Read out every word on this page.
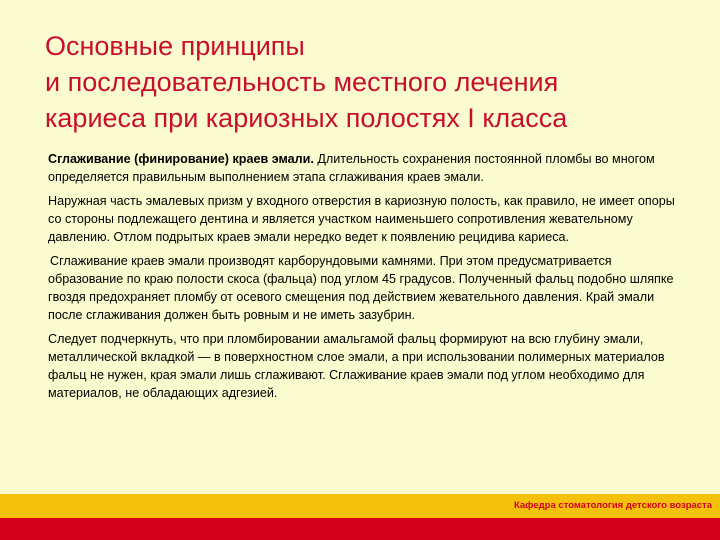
Основные принципы
и последовательность местного лечения
кариеса при кариозных полостях I класса

Сглаживание (финирование) краев эмали. Длительность сохранения постоянной пломбы во многом определяется правильным выполнением этапа сглаживания краев эмали.

Наружная часть эмалевых призм у входного отверстия в кариозную полость, как правило, не имеет опоры со стороны подлежащего дентина и является участком наименьшего сопротивления жевательному давлению. Отлом подрытых краев эмали нередко ведет к появлению рецидива кариеса.

Сглаживание краев эмали производят карборундовыми камнями. При этом предусматривается образование по краю полости скоса (фальца) под углом 45 градусов. Полученный фальц подобно шляпке гвоздя предохраняет пломбу от осевого смещения под действием жевательного давления. Край эмали после сглаживания должен быть ровным и не иметь зазубрин.

Следует подчеркнуть, что при пломбировании амальгамой фальц формируют на всю глубину эмали, металлической вкладкой — в поверхностном слое эмали, а при использовании полимерных материалов фальц не нужен, края эмали лишь сглаживают. Сглаживание краев эмали под углом необходимо для материалов, не обладающих адгезией.

Кафедра стоматология детского возраста
